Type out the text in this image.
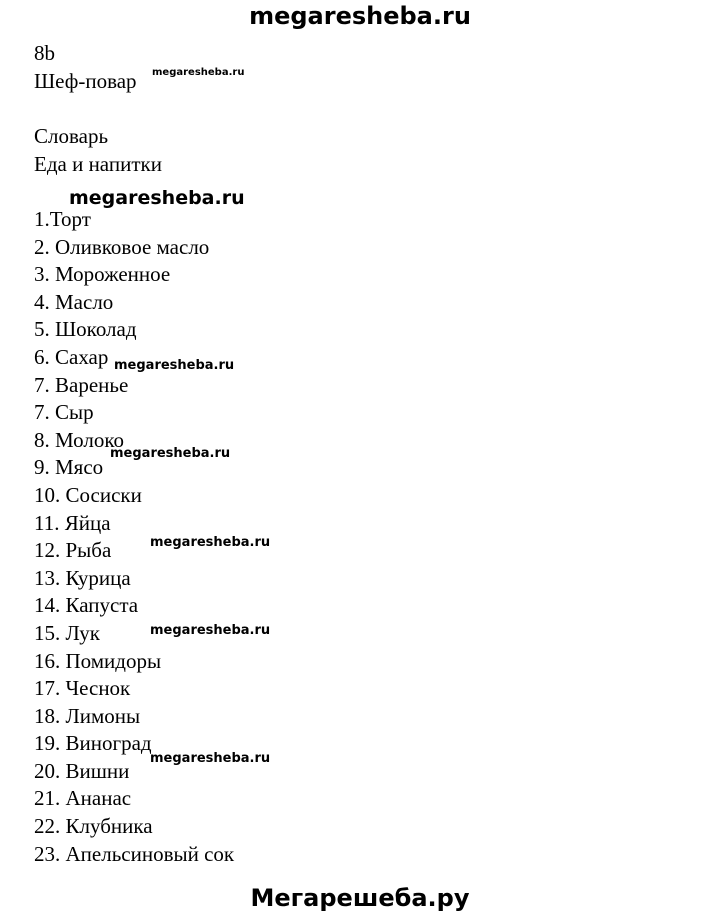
megaresheba.ru
8b
Шеф-повар megaresheba.ru
Словарь
Еда и напитки
megaresheba.ru
1.Торт
2. Оливковое масло
3. Мороженное
4. Масло
5. Шоколад
6. Сахар
7. Варенье
7. Сыр
8. Молоко
9. Мясо
10. Сосиски
11. Яйца
12. Рыба
13. Курица
14. Капуста
15. Лук
16. Помидоры
17. Чеснок
18. Лимоны
19. Виноград
20. Вишни
21. Ананас
22. Клубника
23. Апельсиновый сок
megaresheba.ru
megaresheba.ru
megaresheba.ru
megaresheba.ru
megaresheba.ru
Мегарешеба.ру
